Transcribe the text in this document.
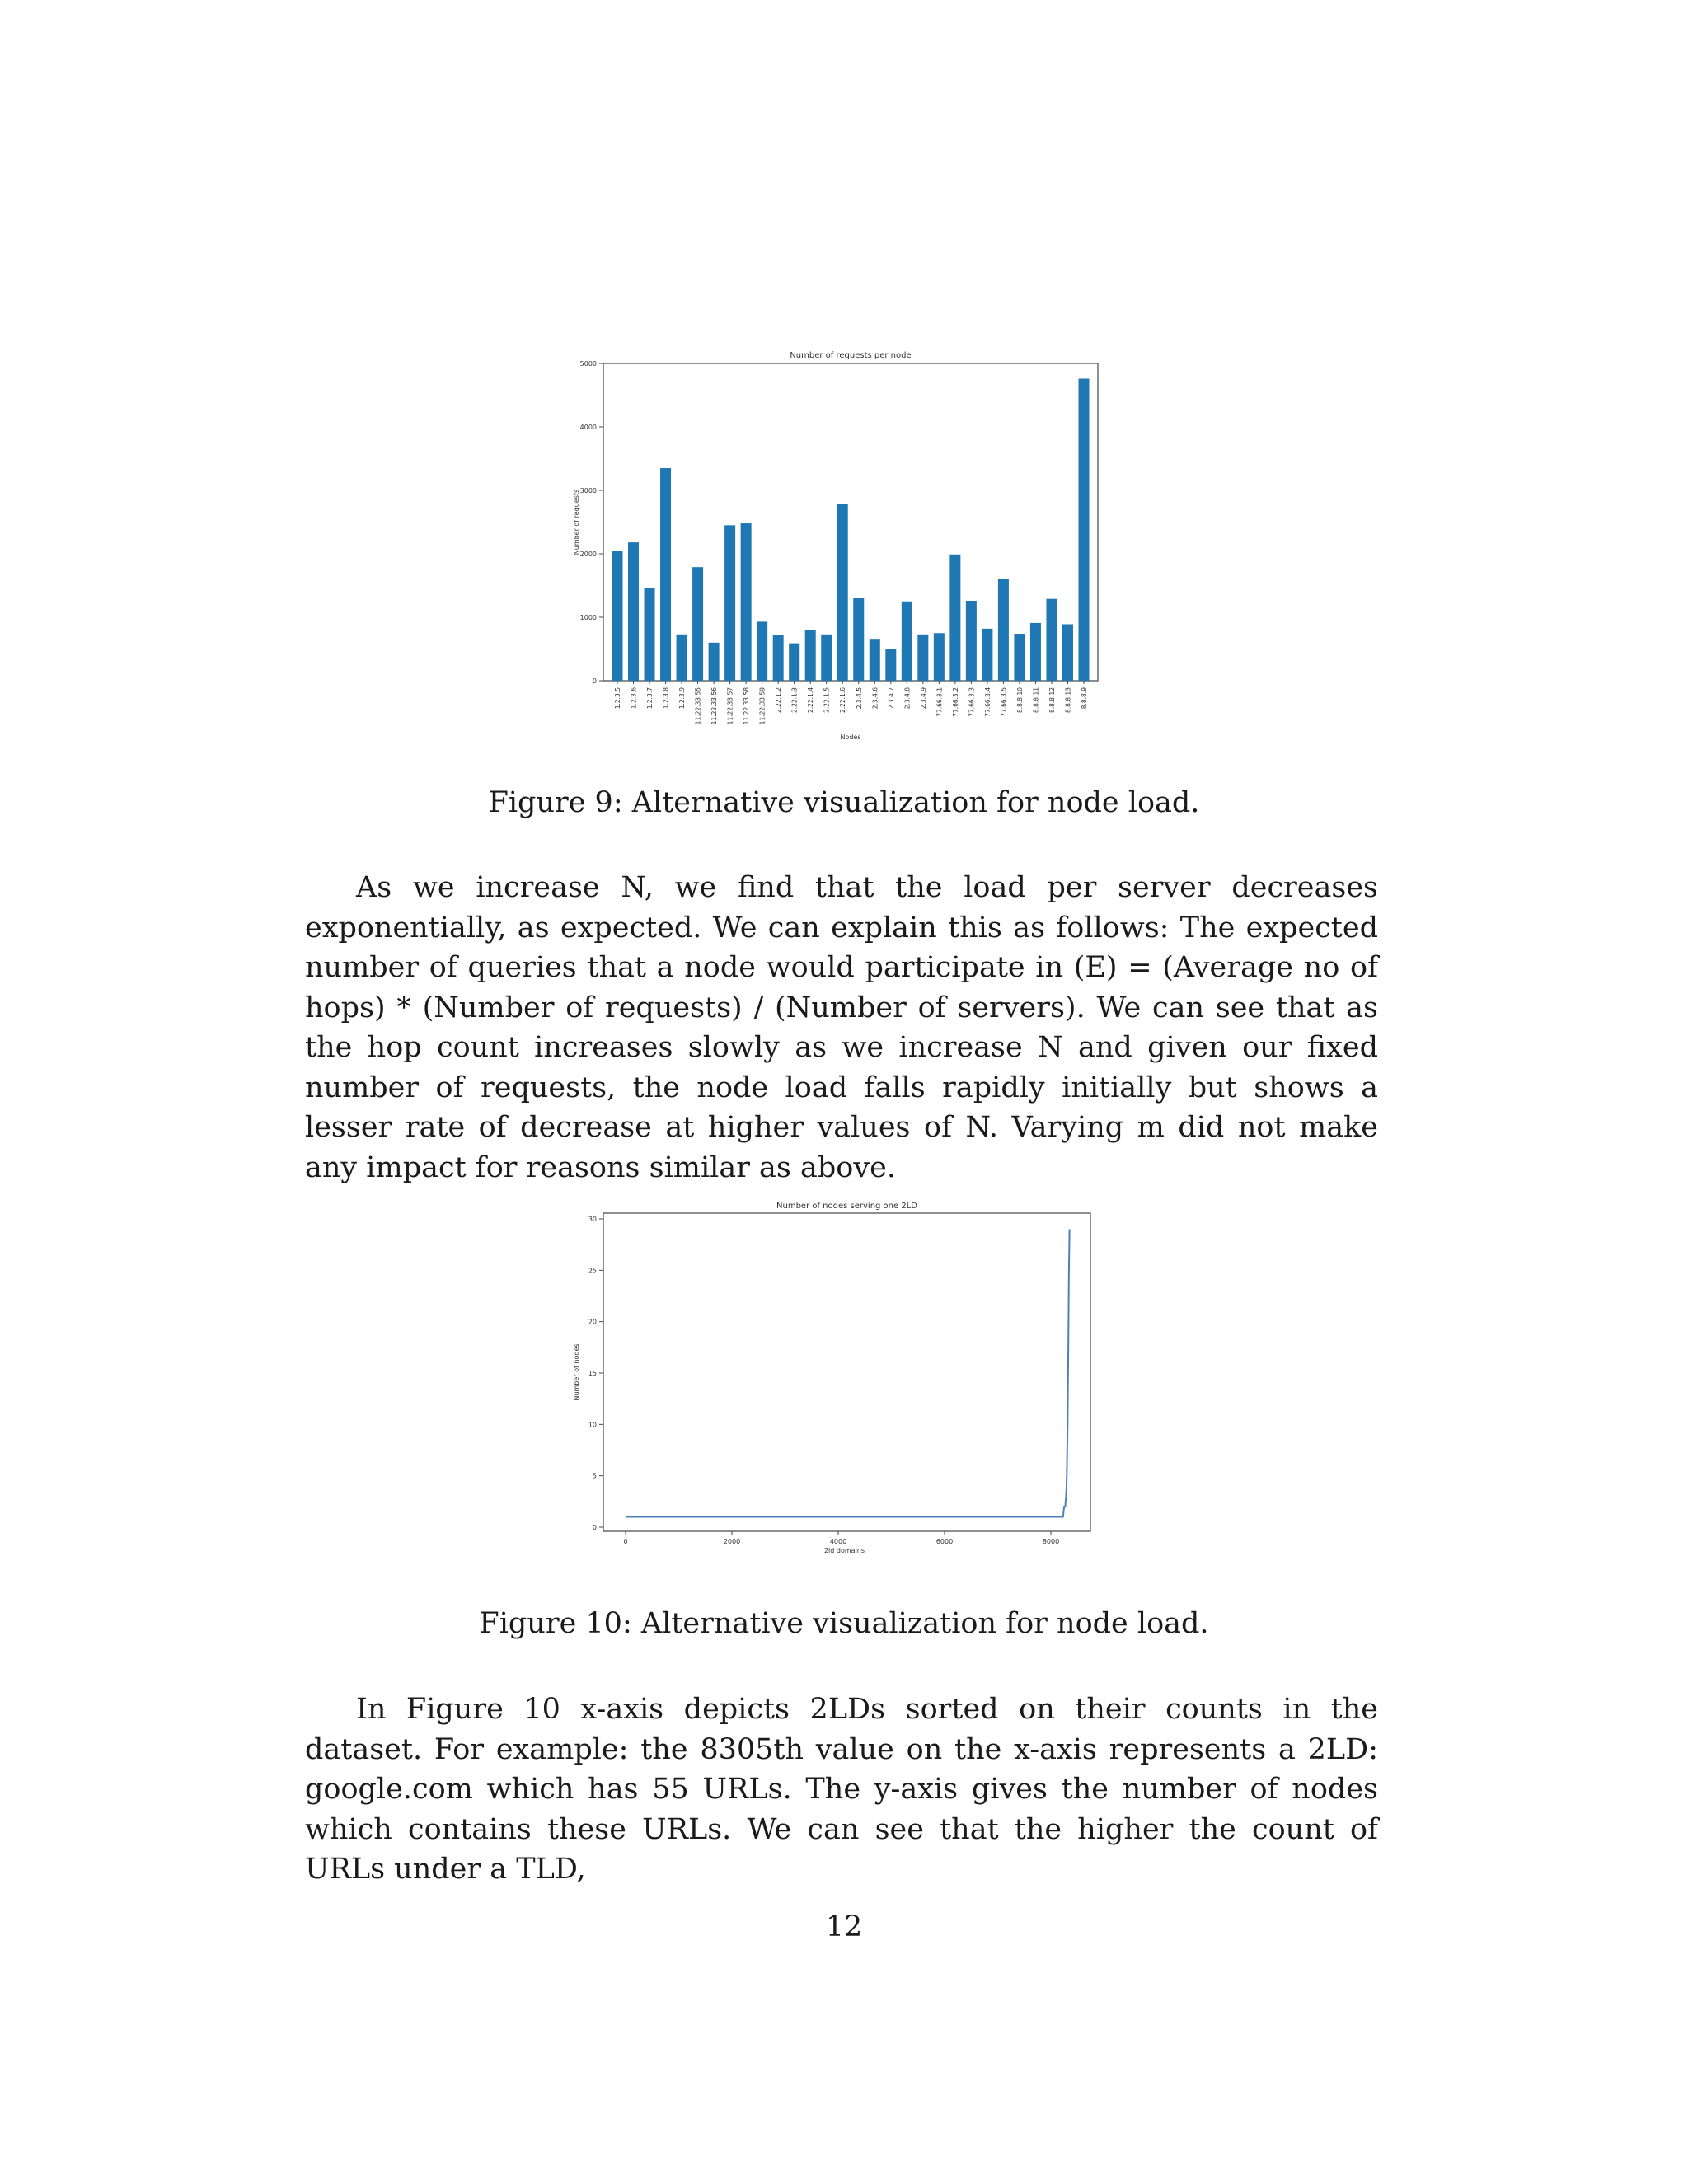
Number of requests per node
0
1000
2000
3000
4000
5000
Number of requests
1.2.3.5 1.2.3.6 1.2.3.7 1.2.3.8 1.2.3.9 11.22.33.55 11.22.33.56 11.22.33.57 11.22.33.58 11.22.33.59 2.22.1.2 2.22.1.3 2.22.1.4 2.22.1.5 2.22.1.6 2.3.4.5 2.3.4.6 2.3.4.7 2.3.4.8 2.3.4.9 77.66.3.1 77.66.3.2 77.66.3.3 77.66.3.4 77.66.3.5 8.8.8.10 8.8.8.11 8.8.8.12 8.8.8.13 8.8.8.9
Nodes
Figure 9: Alternative visualization for node load.

As we increase N, we find that the load per server decreases exponentially, as expected. We can explain this as follows: The expected number of queries that a node would participate in (E) = (Average no of hops) * (Number of requests) / (Number of servers). We can see that as the hop count increases slowly as we increase N and given our fixed number of requests, the node load falls rapidly initially but shows a lesser rate of decrease at higher values of N. Varying m did not make any impact for reasons similar as above.

Number of nodes serving one 2LD
0
5
10
15
20
25
30
0	2000	4000	6000	8000
Number of nodes
2ld domains
Figure 10: Alternative visualization for node load.

In Figure 10 x-axis depicts 2LDs sorted on their counts in the dataset. For example: the 8305th value on the x-axis represents a 2LD: google.com which has 55 URLs. The y-axis gives the number of nodes which contains these URLs. We can see that the higher the count of URLs under a TLD,

12
